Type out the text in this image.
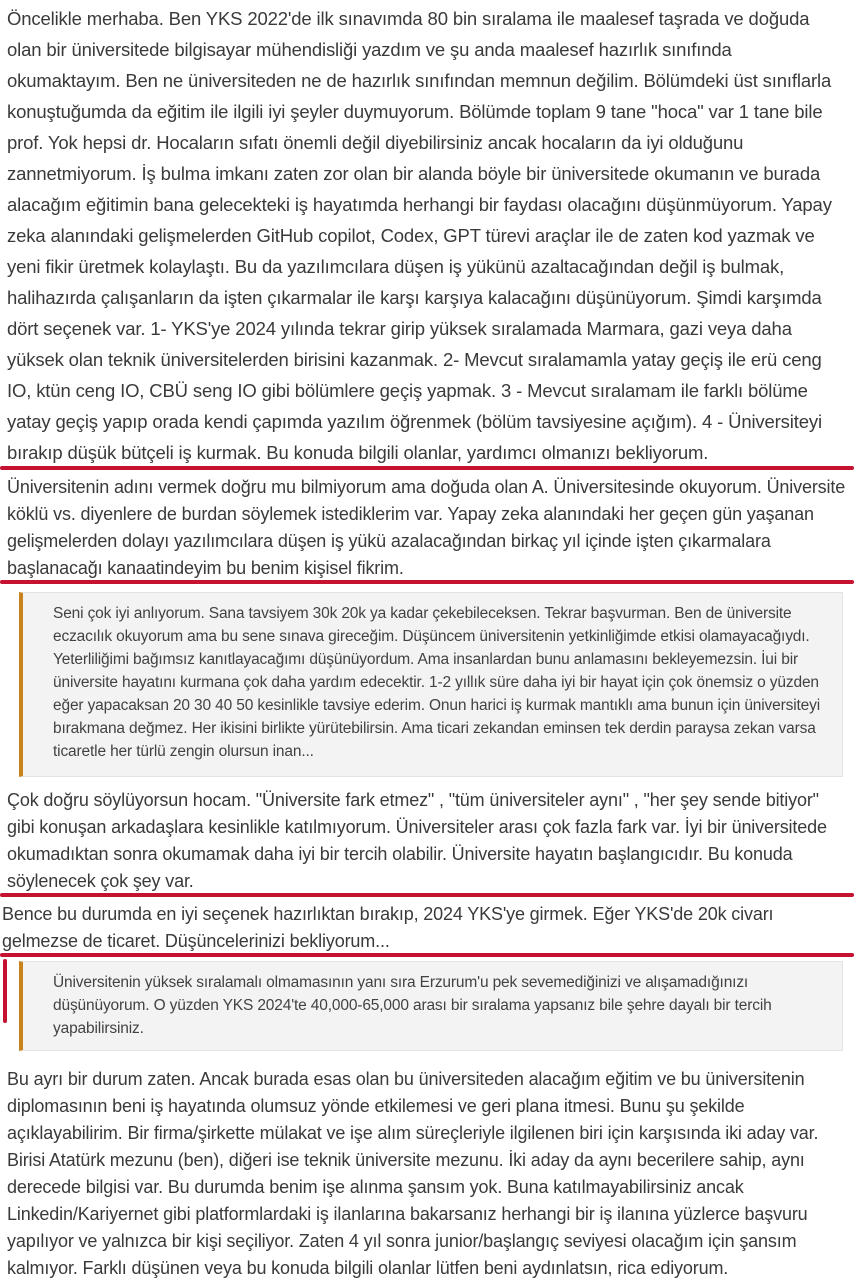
Öncelikle merhaba. Ben YKS 2022'de ilk sınavımda 80 bin sıralama ile maalesef taşrada ve doğuda olan bir üniversitede bilgisayar mühendisliği yazdım ve şu anda maalesef hazırlık sınıfında okumaktayım. Ben ne üniversiteden ne de hazırlık sınıfından memnun değilim. Bölümdeki üst sınıflarla konuştuğumda da eğitim ile ilgili iyi şeyler duymuyorum. Bölümde toplam 9 tane "hoca" var 1 tane bile prof. Yok hepsi dr. Hocaların sıfatı önemli değil diyebilirsiniz ancak hocaların da iyi olduğunu zannetmiyorum. İş bulma imkanı zaten zor olan bir alanda böyle bir üniversitede okumanın ve burada alacağım eğitimin bana gelecekteki iş hayatımda herhangi bir faydası olacağını düşünmüyorum. Yapay zeka alanındaki gelişmelerden GitHub copilot, Codex, GPT türevi araçlar ile de zaten kod yazmak ve yeni fikir üretmek kolaylaştı. Bu da yazılımcılara düşen iş yükünü azaltacağından değil iş bulmak, halihazırda çalışanların da işten çıkarmalar ile karşı karşıya kalacağını düşünüyorum. Şimdi karşımda dört seçenek var. 1- YKS'ye 2024 yılında tekrar girip yüksek sıralamada Marmara, gazi veya daha yüksek olan teknik üniversitelerden birisini kazanmak. 2- Mevcut sıralamamla yatay geçiş ile erü ceng IO, ktün ceng IO, CBÜ seng IO gibi bölümlere geçiş yapmak. 3 - Mevcut sıralamam ile farklı bölüme yatay geçiş yapıp orada kendi çapımda yazılım öğrenmek (bölüm tavsiyesine açığım). 4 - Üniversiteyi bırakıp düşük bütçeli iş kurmak. Bu konuda bilgili olanlar, yardımcı olmanızı bekliyorum.

Üniversitenin adını vermek doğru mu bilmiyorum ama doğuda olan A. Üniversitesinde okuyorum. Üniversite köklü vs. diyenlere de burdan söylemek istediklerim var. Yapay zeka alanındaki her geçen gün yaşanan gelişmelerden dolayı yazılımcılara düşen iş yükü azalacağından birkaç yıl içinde işten çıkarmalara başlanacağı kanaatindeyim bu benim kişisel fikrim.

Seni çok iyi anlıyorum. Sana tavsiyem 30k 20k ya kadar çekebileceksen. Tekrar başvurman. Ben de üniversite eczacılık okuyorum ama bu sene sınava gireceğim. Düşüncem üniversitenin yetkinliğimde etkisi olamayacağıydı. Yeterliliğimi bağımsız kanıtlayacağımı düşünüyordum. Ama insanlardan bunu anlamasını bekleyemezsin. İui bir üniversite hayatını kurmana çok daha yardım edecektir. 1-2 yıllık süre daha iyi bir hayat için çok önemsiz o yüzden eğer yapacaksan 20 30 40 50 kesinlikle tavsiye ederim. Onun harici iş kurmak mantıklı ama bunun için üniversiteyi bırakmana değmez. Her ikisini birlikte yürütebilirsin. Ama ticari zekandan eminsen tek derdin paraysa zekan varsa ticaretle her türlü zengin olursun inan...

Çok doğru söylüyorsun hocam. "Üniversite fark etmez" , "tüm üniversiteler aynı" , "her şey sende bitiyor" gibi konuşan arkadaşlara kesinlikle katılmıyorum. Üniversiteler arası çok fazla fark var. İyi bir üniversitede okumadıktan sonra okumamak daha iyi bir tercih olabilir. Üniversite hayatın başlangıcıdır. Bu konuda söylenecek çok şey var.

Bence bu durumda en iyi seçenek hazırlıktan bırakıp, 2024 YKS'ye girmek. Eğer YKS'de 20k civarı gelmezse de ticaret. Düşüncelerinizi bekliyorum...

Üniversitenin yüksek sıralamalı olmamasının yanı sıra Erzurum'u pek sevemediğinizi ve alışamadığınızı düşünüyorum. O yüzden YKS 2024'te 40,000-65,000 arası bir sıralama yapsanız bile şehre dayalı bir tercih yapabilirsiniz.

Bu ayrı bir durum zaten. Ancak burada esas olan bu üniversiteden alacağım eğitim ve bu üniversitenin diplomasının beni iş hayatında olumsuz yönde etkilemesi ve geri plana itmesi. Bunu şu şekilde açıklayabilirim. Bir firma/şirkette mülakat ve işe alım süreçleriyle ilgilenen biri için karşısında iki aday var. Birisi Atatürk mezunu (ben), diğeri ise teknik üniversite mezunu. İki aday da aynı becerilere sahip, aynı derecede bilgisi var. Bu durumda benim işe alınma şansım yok. Buna katılmayabilirsiniz ancak Linkedin/Kariyernet gibi platformlardaki iş ilanlarına bakarsanız herhangi bir iş ilanına yüzlerce başvuru yapılıyor ve yalnızca bir kişi seçiliyor. Zaten 4 yıl sonra junior/başlangıç seviyesi olacağım için şansım kalmıyor. Farklı düşünen veya bu konuda bilgili olanlar lütfen beni aydınlatsın, rica ediyorum.
